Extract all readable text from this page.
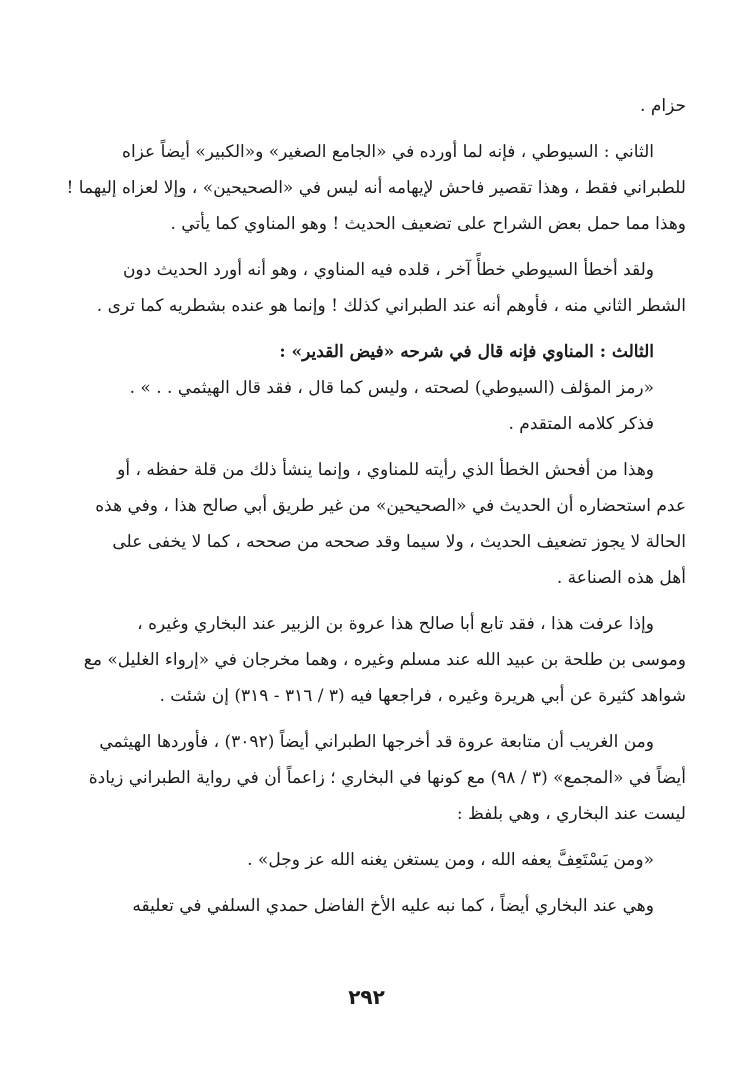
حزام .

الثاني : السيوطي ، فإنه لما أورده في «الجامع الصغير» و«الكبير» أيضاً عزاه

للطبراني فقط ، وهذا تقصير فاحش لإيهامه أنه ليس في «الصحيحين» ، وإلا لعزاه إليهما !

وهذا مما حمل بعض الشراح على تضعيف الحديث ! وهو المناوي كما يأتي .

ولقد أخطأ السيوطي خطأً آخر ، قلده فيه المناوي ، وهو أنه أورد الحديث دون

الشطر الثاني منه ، فأوهم أنه عند الطبراني كذلك ! وإنما هو عنده بشطريه كما ترى .

الثالث : المناوي فإنه قال في شرحه «فيض القدير» :

«رمز المؤلف (السيوطي) لصحته ، وليس كما قال ، فقد قال الهيثمي . . » .

فذكر كلامه المتقدم .

وهذا من أفحش الخطأ الذي رأيته للمناوي ، وإنما ينشأ ذلك من قلة حفظه ، أو

عدم استحضاره أن الحديث في «الصحيحين» من غير طريق أبي صالح هذا ، وفي هذه

الحالة لا يجوز تضعيف الحديث ، ولا سيما وقد صححه من صححه ، كما لا يخفى على

أهل هذه الصناعة .

وإذا عرفت هذا ، فقد تابع أبا صالح هذا عروة بن الزبير عند البخاري وغيره ،

وموسى بن طلحة بن عبيد الله عند مسلم وغيره ، وهما مخرجان في «إرواء الغليل» مع

شواهد كثيرة عن أبي هريرة وغيره ، فراجعها فيه (٣ / ٣١٦ - ٣١٩) إن شئت .

ومن الغريب أن متابعة عروة قد أخرجها الطبراني أيضاً (٣٠٩٢) ، فأوردها الهيثمي

أيضاً في «المجمع» (٣ / ٩٨) مع كونها في البخاري ؛ زاعماً أن في رواية الطبراني زيادة

ليست عند البخاري ، وهي بلفظ :

«ومن يَسْتَعِفَّ يعفه الله ، ومن يستغن يغنه الله عز وجل» .

وهي عند البخاري أيضاً ، كما نبه عليه الأخ الفاضل حمدي السلفي في تعليقه

٢٩٢
